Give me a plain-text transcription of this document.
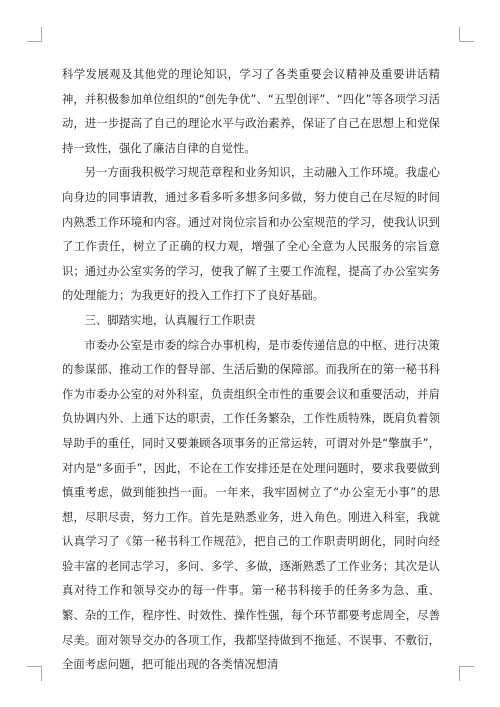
科学发展观及其他党的理论知识，学习了各类重要会议精神及重要讲话精神，并积极参加单位组织的“创先争优”、“五型创评”、“四化”等各项学习活动，进一步提高了自己的理论水平与政治素养，保证了自己在思想上和党保持一致性，强化了廉洁自律的自觉性。

另一方面我积极学习规范章程和业务知识，主动融入工作环境。我虚心向身边的同事请教，通过多看多听多想多问多做，努力使自己在尽短的时间内熟悉工作环境和内容。通过对岗位宗旨和办公室规范的学习，使我认识到了工作责任，树立了正确的权力观，增强了全心全意为人民服务的宗旨意识；通过办公室实务的学习，使我了解了主要工作流程，提高了办公室实务的处理能力；为我更好的投入工作打下了良好基础。

三、脚踏实地，认真履行工作职责

市委办公室是市委的综合办事机构，是市委传递信息的中枢、进行决策的参谋部、推动工作的督导部、生活后勤的保障部。而我所在的第一秘书科作为市委办公室的对外科室，负责组织全市性的重要会议和重要活动，并肩负协调内外、上通下达的职责，工作任务繁杂，工作性质特殊，既肩负着领导助手的重任，同时又要兼顾各项事务的正常运转，可谓对外是“擎旗手”，对内是“多面手”，因此，不论在工作安排还是在处理问题时，要求我要做到慎重考虑，做到能独挡一面。一年来，我牢固树立了“办公室无小事”的思想，尽职尽责，努力工作。首先是熟悉业务，进入角色。刚进入科室，我就认真学习了《第一秘书科工作规范》，把自己的工作职责明朗化，同时向经验丰富的老同志学习，多问、多学、多做，逐渐熟悉了工作业务；其次是认真对待工作和领导交办的每一件事。第一秘书科接手的任务多为急、重、繁、杂的工作，程序性、时效性、操作性强，每个环节都要考虑周全，尽善尽美。面对领导交办的各项工作，我都坚持做到不拖延、不误事、不敷衍，全面考虑问题，把可能出现的各类情况想清
